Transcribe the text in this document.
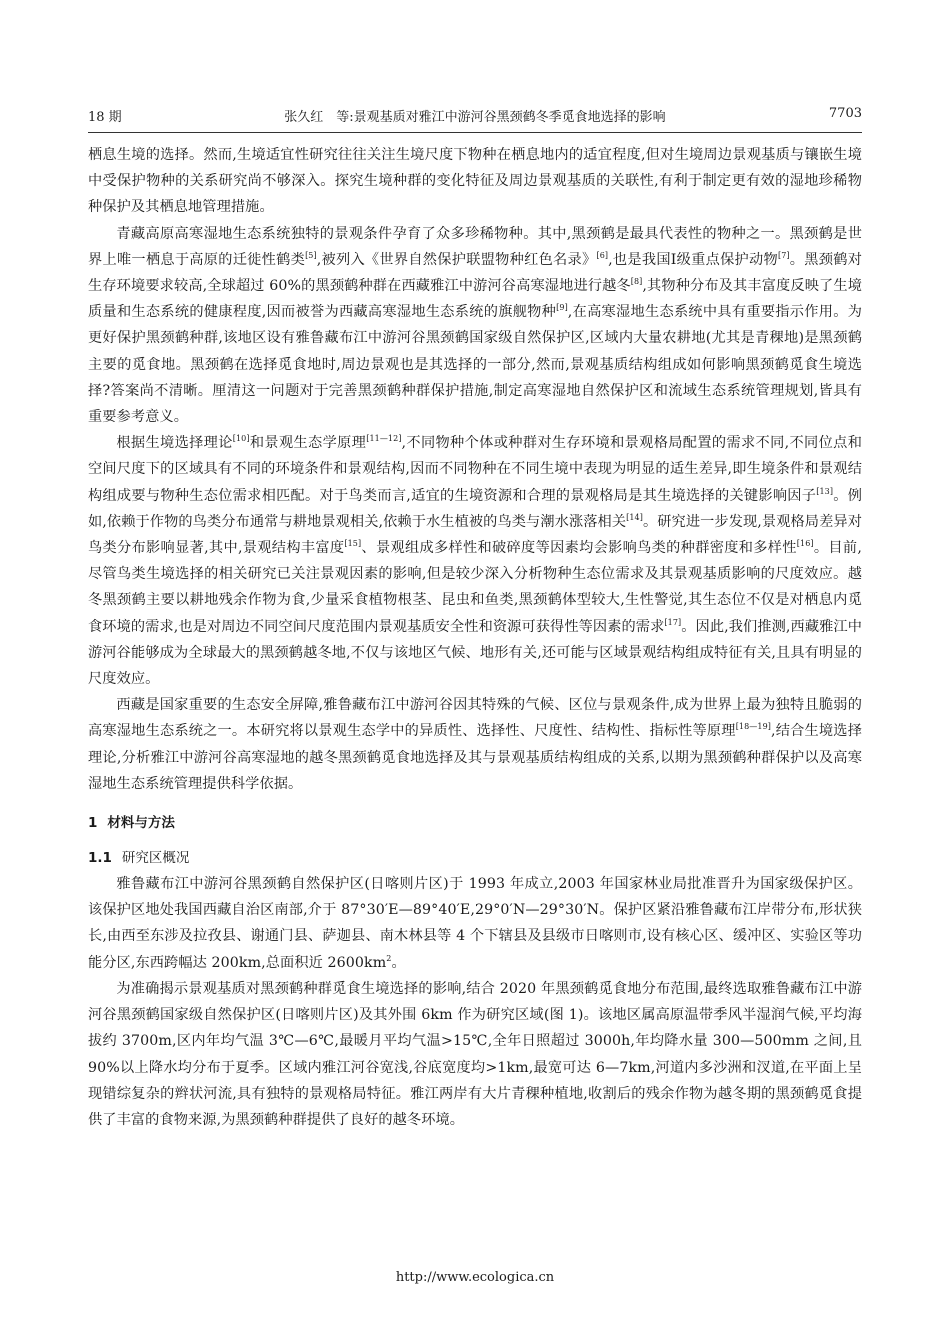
18 期	张久红　等:景观基质对雅江中游河谷黑颈鹤冬季觅食地选择的影响	7703

栖息生境的选择。然而,生境适宜性研究往往关注生境尺度下物种在栖息地内的适宜程度,但对生境周边景观基质与镶嵌生境中受保护物种的关系研究尚不够深入。探究生境种群的变化特征及周边景观基质的关联性,有利于制定更有效的湿地珍稀物种保护及其栖息地管理措施。

青藏高原高寒湿地生态系统独特的景观条件孕育了众多珍稀物种。其中,黑颈鹤是最具代表性的物种之一。黑颈鹤是世界上唯一栖息于高原的迁徙性鹤类[5],被列入《世界自然保护联盟物种红色名录》[6],也是我国Ⅰ级重点保护动物[7]。黑颈鹤对生存环境要求较高,全球超过 60%的黑颈鹤种群在西藏雅江中游河谷高寒湿地进行越冬[8],其物种分布及其丰富度反映了生境质量和生态系统的健康程度,因而被誉为西藏高寒湿地生态系统的旗舰物种[9],在高寒湿地生态系统中具有重要指示作用。为更好保护黑颈鹤种群,该地区设有雅鲁藏布江中游河谷黑颈鹤国家级自然保护区,区域内大量农耕地(尤其是青稞地)是黑颈鹤主要的觅食地。黑颈鹤在选择觅食地时,周边景观也是其选择的一部分,然而,景观基质结构组成如何影响黑颈鹤觅食生境选择?答案尚不清晰。厘清这一问题对于完善黑颈鹤种群保护措施,制定高寒湿地自然保护区和流域生态系统管理规划,皆具有重要参考意义。

根据生境选择理论[10]和景观生态学原理[11—12],不同物种个体或种群对生存环境和景观格局配置的需求不同,不同位点和空间尺度下的区域具有不同的环境条件和景观结构,因而不同物种在不同生境中表现为明显的适生差异,即生境条件和景观结构组成要与物种生态位需求相匹配。对于鸟类而言,适宜的生境资源和合理的景观格局是其生境选择的关键影响因子[13]。例如,依赖于作物的鸟类分布通常与耕地景观相关,依赖于水生植被的鸟类与潮水涨落相关[14]。研究进一步发现,景观格局差异对鸟类分布影响显著,其中,景观结构丰富度[15]、景观组成多样性和破碎度等因素均会影响鸟类的种群密度和多样性[16]。目前,尽管鸟类生境选择的相关研究已关注景观因素的影响,但是较少深入分析物种生态位需求及其景观基质影响的尺度效应。越冬黑颈鹤主要以耕地残余作物为食,少量采食植物根茎、昆虫和鱼类,黑颈鹤体型较大,生性警觉,其生态位不仅是对栖息内觅食环境的需求,也是对周边不同空间尺度范围内景观基质安全性和资源可获得性等因素的需求[17]。因此,我们推测,西藏雅江中游河谷能够成为全球最大的黑颈鹤越冬地,不仅与该地区气候、地形有关,还可能与区域景观结构组成特征有关,且具有明显的尺度效应。

西藏是国家重要的生态安全屏障,雅鲁藏布江中游河谷因其特殊的气候、区位与景观条件,成为世界上最为独特且脆弱的高寒湿地生态系统之一。本研究将以景观生态学中的异质性、选择性、尺度性、结构性、指标性等原理[18—19],结合生境选择理论,分析雅江中游河谷高寒湿地的越冬黑颈鹤觅食地选择及其与景观基质结构组成的关系,以期为黑颈鹤种群保护以及高寒湿地生态系统管理提供科学依据。

1 材料与方法
1.1 研究区概况

雅鲁藏布江中游河谷黑颈鹤自然保护区(日喀则片区)于 1993 年成立,2003 年国家林业局批准晋升为国家级保护区。该保护区地处我国西藏自治区南部,介于 87°30′E—89°40′E,29°0′N—29°30′N。保护区紧沿雅鲁藏布江岸带分布,形状狭长,由西至东涉及拉孜县、谢通门县、萨迦县、南木林县等 4 个下辖县及县级市日喀则市,设有核心区、缓冲区、实验区等功能分区,东西跨幅达 200km,总面积近 $2600km^2$。

为准确揭示景观基质对黑颈鹤种群觅食生境选择的影响,结合 2020 年黑颈鹤觅食地分布范围,最终选取雅鲁藏布江中游河谷黑颈鹤国家级自然保护区(日喀则片区)及其外围 6km 作为研究区域(图 1)。该地区属高原温带季风半湿润气候,平均海拔约 3700m,区内年均气温 3℃—6℃,最暖月平均气温>15℃,全年日照超过 3000h,年均降水量 300—500mm 之间,且 90%以上降水均分布于夏季。区域内雅江河谷宽浅,谷底宽度均>1km,最宽可达 6—7km,河道内多沙洲和汊道,在平面上呈现错综复杂的辫状河流,具有独特的景观格局特征。雅江两岸有大片青稞种植地,收割后的残余作物为越冬期的黑颈鹤觅食提供了丰富的食物来源,为黑颈鹤种群提供了良好的越冬环境。

http://www.ecologica.cn
